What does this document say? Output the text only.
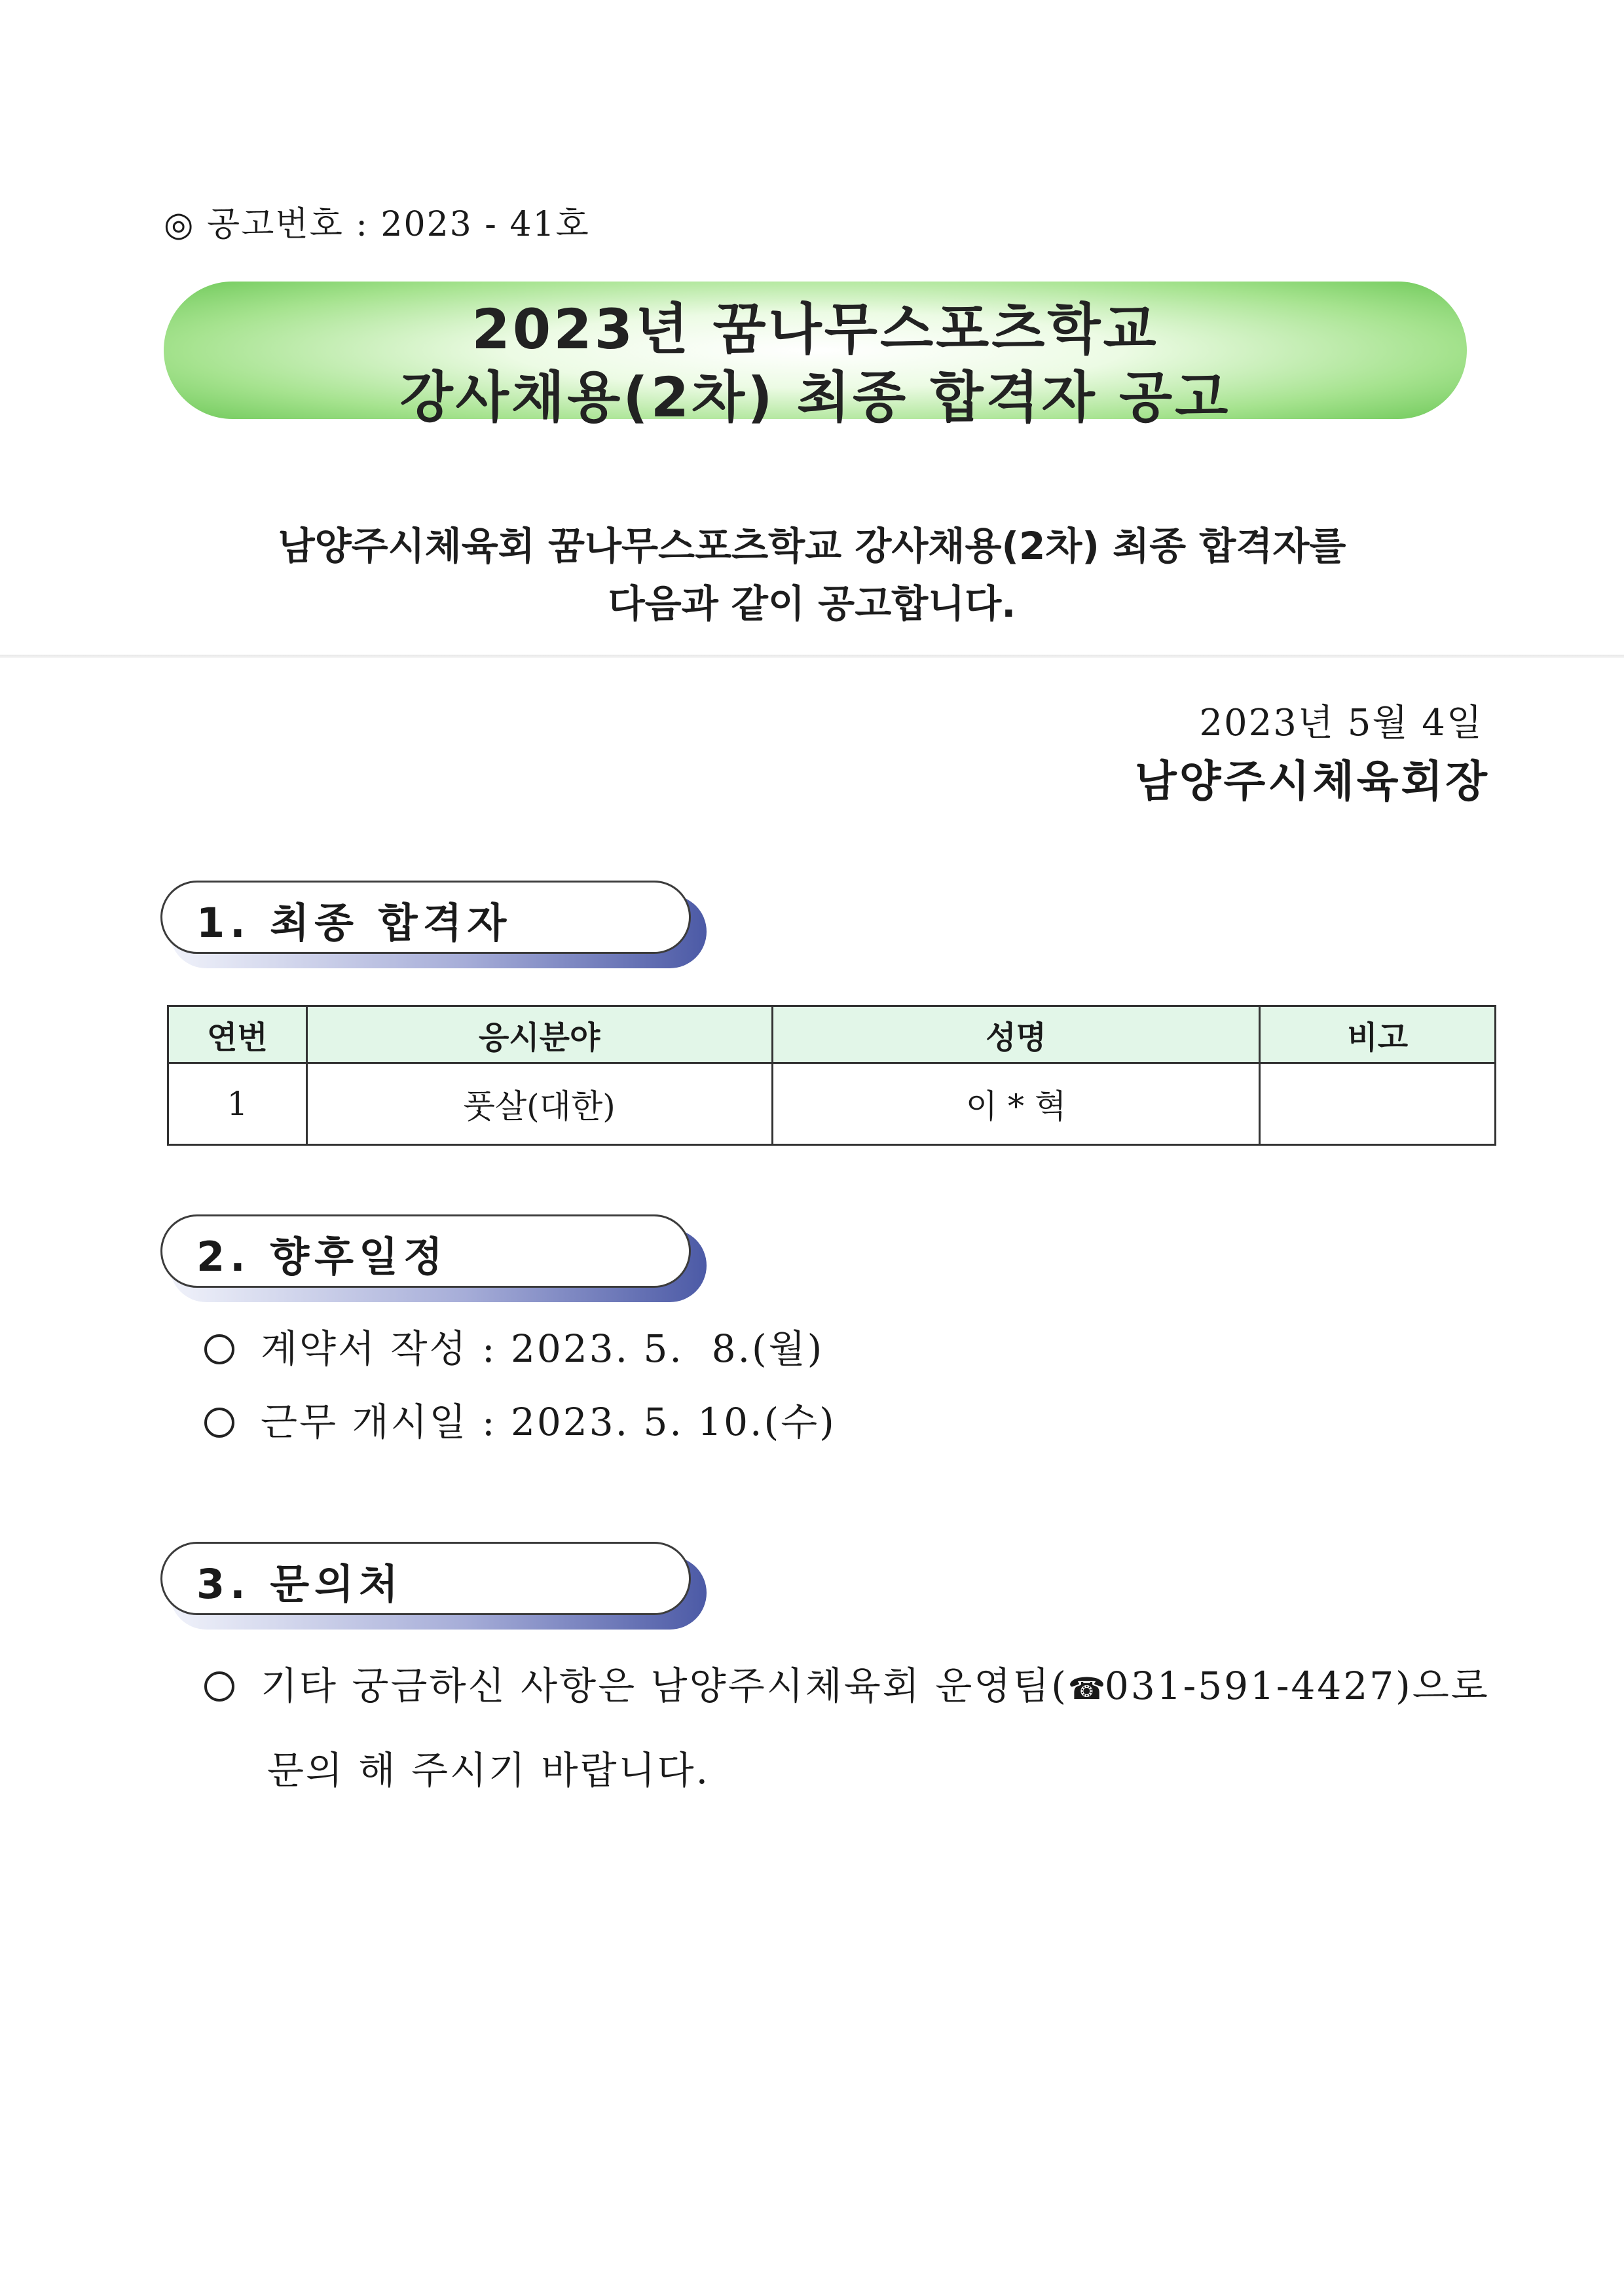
◎ 공고번호 : 2023 - 41호
2023년 꿈나무스포츠학교
강사채용(2차) 최종 합격자 공고
남양주시체육회 꿈나무스포츠학교 강사채용(2차) 최종 합격자를
다음과 같이 공고합니다.
2023년 5월 4일
남양주시체육회장
1. 최종 합격자
연번	응시분야	성명	비고
1	풋살(대한)	이 * 혁	
2. 향후일정
계약서 작성 : 2023. 5.  8.(월)
근무 개시일 : 2023. 5. 10.(수)
3. 문의처
기타 궁금하신 사항은 남양주시체육회 운영팀(☎031-591-4427)으로
문의 해 주시기 바랍니다.
